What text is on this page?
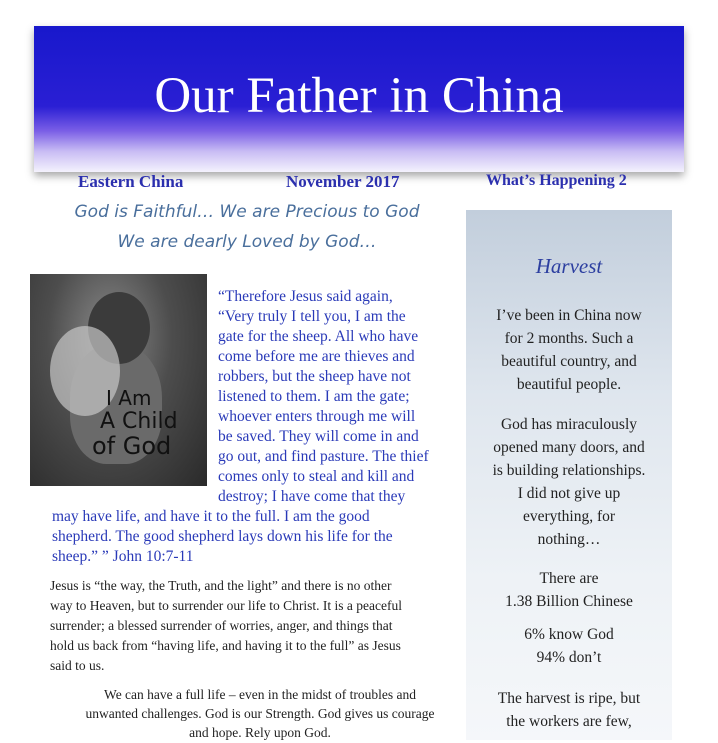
Our Father in China
Eastern China	November 2017	What’s Happening 2
God is Faithful… We are Precious to God
We are dearly Loved by God…
I Am
A Child
of God
“Therefore Jesus said again,
“Very truly I tell you, I am the
gate for the sheep. All who have
come before me are thieves and
robbers, but the sheep have not
listened to them. I am the gate;
whoever enters through me will
be saved. They will come in and
go out, and find pasture. The thief
comes only to steal and kill and
destroy; I have come that they
may have life, and have it to the full. I am the good
shepherd. The good shepherd lays down his life for the
sheep.” ” John 10:7-11
Jesus is “the way, the Truth, and the light” and there is no other
way to Heaven, but to surrender our life to Christ. It is a peaceful
surrender; a blessed surrender of worries, anger, and things that
hold us back from “having life, and having it to the full” as Jesus
said to us.
We can have a full life – even in the midst of troubles and
unwanted challenges. God is our Strength. God gives us courage
and hope. Rely upon God.
Harvest
I’ve been in China now
for 2 months. Such a
beautiful country, and
beautiful people.
God has miraculously
opened many doors, and
is building relationships.
I did not give up
everything, for
nothing…
There are
1.38 Billion Chinese
6% know God
94% don’t
The harvest is ripe, but
the workers are few,
